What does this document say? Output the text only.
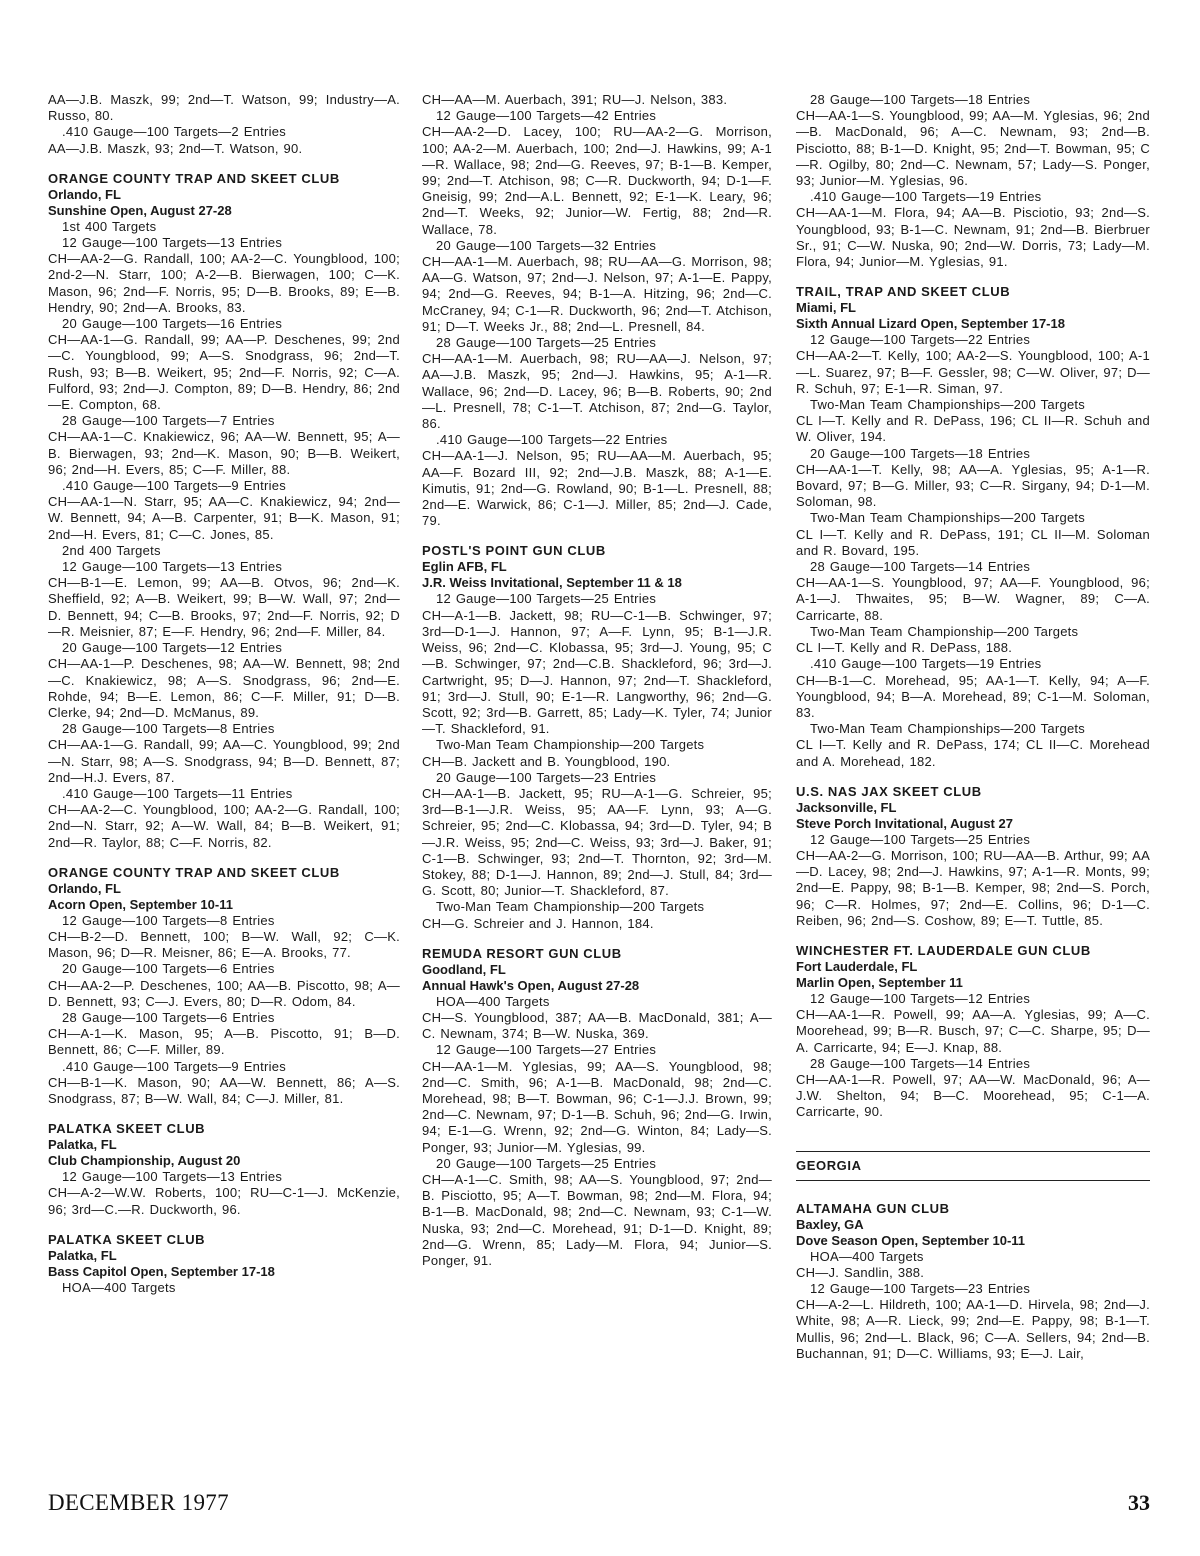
AA—J.B. Maszk, 99; 2nd—T. Watson, 99; Industry—A. Russo, 80.
.410 Gauge—100 Targets—2 Entries
AA—J.B. Maszk, 93; 2nd—T. Watson, 90.
ORANGE COUNTY TRAP AND SKEET CLUB
Orlando, FL
Sunshine Open, August 27-28
1st 400 Targets
12 Gauge—100 Targets—13 Entries
CH—AA-2—G. Randall, 100; AA-2—C. Youngblood, 100; 2nd-2—N. Starr, 100; A-2—B. Bierwagen, 100; C—K. Mason, 96; 2nd—F. Norris, 95; D—B. Brooks, 89; E—B. Hendry, 90; 2nd—A. Brooks, 83.
20 Gauge—100 Targets—16 Entries
CH—AA-1—G. Randall, 99; AA—P. Deschenes, 99; 2nd—C. Youngblood, 99; A—S. Snodgrass, 96; 2nd—T. Rush, 93; B—B. Weikert, 95; 2nd—F. Norris, 92; C—A. Fulford, 93; 2nd—J. Compton, 89; D—B. Hendry, 86; 2nd—E. Compton, 68.
28 Gauge—100 Targets—7 Entries
CH—AA-1—C. Knakiewicz, 96; AA—W. Bennett, 95; A—B. Bierwagen, 93; 2nd—K. Mason, 90; B—B. Weikert, 96; 2nd—H. Evers, 85; C—F. Miller, 88.
.410 Gauge—100 Targets—9 Entries
CH—AA-1—N. Starr, 95; AA—C. Knakiewicz, 94; 2nd—W. Bennett, 94; A—B. Carpenter, 91; B—K. Mason, 91; 2nd—H. Evers, 81; C—C. Jones, 85.
2nd 400 Targets
12 Gauge—100 Targets—13 Entries
CH—B-1—E. Lemon, 99; AA—B. Otvos, 96; 2nd—K. Sheffield, 92; A—B. Weikert, 99; B—W. Wall, 97; 2nd—D. Bennett, 94; C—B. Brooks, 97; 2nd—F. Norris, 92; D—R. Meisnier, 87; E—F. Hendry, 96; 2nd—F. Miller, 84.
20 Gauge—100 Targets—12 Entries
CH—AA-1—P. Deschenes, 98; AA—W. Bennett, 98; 2nd—C. Knakiewicz, 98; A—S. Snodgrass, 96; 2nd—E. Rohde, 94; B—E. Lemon, 86; C—F. Miller, 91; D—B. Clerke, 94; 2nd—D. McManus, 89.
28 Gauge—100 Targets—8 Entries
CH—AA-1—G. Randall, 99; AA—C. Youngblood, 99; 2nd—N. Starr, 98; A—S. Snodgrass, 94; B—D. Bennett, 87; 2nd—H.J. Evers, 87.
.410 Gauge—100 Targets—11 Entries
CH—AA-2—C. Youngblood, 100; AA-2—G. Randall, 100; 2nd—N. Starr, 92; A—W. Wall, 84; B—B. Weikert, 91; 2nd—R. Taylor, 88; C—F. Norris, 82.
ORANGE COUNTY TRAP AND SKEET CLUB
Orlando, FL
Acorn Open, September 10-11
12 Gauge—100 Targets—8 Entries
CH—B-2—D. Bennett, 100; B—W. Wall, 92; C—K. Mason, 96; D—R. Meisner, 86; E—A. Brooks, 77.
20 Gauge—100 Targets—6 Entries
CH—AA-2—P. Deschenes, 100; AA—B. Piscotto, 98; A—D. Bennett, 93; C—J. Evers, 80; D—R. Odom, 84.
28 Gauge—100 Targets—6 Entries
CH—A-1—K. Mason, 95; A—B. Piscotto, 91; B—D. Bennett, 86; C—F. Miller, 89.
.410 Gauge—100 Targets—9 Entries
CH—B-1—K. Mason, 90; AA—W. Bennett, 86; A—S. Snodgrass, 87; B—W. Wall, 84; C—J. Miller, 81.
PALATKA SKEET CLUB
Palatka, FL
Club Championship, August 20
12 Gauge—100 Targets—13 Entries
CH—A-2—W.W. Roberts, 100; RU—C-1—J. McKenzie, 96; 3rd—C.—R. Duckworth, 96.
PALATKA SKEET CLUB
Palatka, FL
Bass Capitol Open, September 17-18
HOA—400 Targets
CH—AA—M. Auerbach, 391; RU—J. Nelson, 383.
12 Gauge—100 Targets—42 Entries
CH—AA-2—D. Lacey, 100; RU—AA-2—G. Morrison, 100; AA-2—M. Auerbach, 100; 2nd—J. Hawkins, 99; A-1—R. Wallace, 98; 2nd—G. Reeves, 97; B-1—B. Kemper, 99; 2nd—T. Atchison, 98; C—R. Duckworth, 94; D-1—F. Gneisig, 99; 2nd—A.L. Bennett, 92; E-1—K. Leary, 96; 2nd—T. Weeks, 92; Junior—W. Fertig, 88; 2nd—R. Wallace, 78.
20 Gauge—100 Targets—32 Entries
CH—AA-1—M. Auerbach, 98; RU—AA—G. Morrison, 98; AA—G. Watson, 97; 2nd—J. Nelson, 97; A-1—E. Pappy, 94; 2nd—G. Reeves, 94; B-1—A. Hitzing, 96; 2nd—C. McCraney, 94; C-1—R. Duckworth, 96; 2nd—T. Atchison, 91; D—T. Weeks Jr., 88; 2nd—L. Presnell, 84.
28 Gauge—100 Targets—25 Entries
CH—AA-1—M. Auerbach, 98; RU—AA—J. Nelson, 97; AA—J.B. Maszk, 95; 2nd—J. Hawkins, 95; A-1—R. Wallace, 96; 2nd—D. Lacey, 96; B—B. Roberts, 90; 2nd—L. Presnell, 78; C-1—T. Atchison, 87; 2nd—G. Taylor, 86.
.410 Gauge—100 Targets—22 Entries
CH—AA-1—J. Nelson, 95; RU—AA—M. Auerbach, 95; AA—F. Bozard III, 92; 2nd—J.B. Maszk, 88; A-1—E. Kimutis, 91; 2nd—G. Rowland, 90; B-1—L. Presnell, 88; 2nd—E. Warwick, 86; C-1—J. Miller, 85; 2nd—J. Cade, 79.
POSTL'S POINT GUN CLUB
Eglin AFB, FL
J.R. Weiss Invitational, September 11 & 18
12 Gauge—100 Targets—25 Entries
CH—A-1—B. Jackett, 98; RU—C-1—B. Schwinger, 97; 3rd—D-1—J. Hannon, 97; A—F. Lynn, 95; B-1—J.R. Weiss, 96; 2nd—C. Klobassa, 95; 3rd—J. Young, 95; C—B. Schwinger, 97; 2nd—C.B. Shackleford, 96; 3rd—J. Cartwright, 95; D—J. Hannon, 97; 2nd—T. Shackleford, 91; 3rd—J. Stull, 90; E-1—R. Langworthy, 96; 2nd—G. Scott, 92; 3rd—B. Garrett, 85; Lady—K. Tyler, 74; Junior—T. Shackleford, 91.
Two-Man Team Championship—200 Targets
CH—B. Jackett and B. Youngblood, 190.
20 Gauge—100 Targets—23 Entries
CH—AA-1—B. Jackett, 95; RU—A-1—G. Schreier, 95; 3rd—B-1—J.R. Weiss, 95; AA—F. Lynn, 93; A—G. Schreier, 95; 2nd—C. Klobassa, 94; 3rd—D. Tyler, 94; B—J.R. Weiss, 95; 2nd—C. Weiss, 93; 3rd—J. Baker, 91; C-1—B. Schwinger, 93; 2nd—T. Thornton, 92; 3rd—M. Stokey, 88; D-1—J. Hannon, 89; 2nd—J. Stull, 84; 3rd—G. Scott, 80; Junior—T. Shackleford, 87.
Two-Man Team Championship—200 Targets
CH—G. Schreier and J. Hannon, 184.
REMUDA RESORT GUN CLUB
Goodland, FL
Annual Hawk's Open, August 27-28
HOA—400 Targets
CH—S. Youngblood, 387; AA—B. MacDonald, 381; A—C. Newnam, 374; B—W. Nuska, 369.
12 Gauge—100 Targets—27 Entries
CH—AA-1—M. Yglesias, 99; AA—S. Youngblood, 98; 2nd—C. Smith, 96; A-1—B. MacDonald, 98; 2nd—C. Morehead, 98; B—T. Bowman, 96; C-1—J.J. Brown, 99; 2nd—C. Newnam, 97; D-1—B. Schuh, 96; 2nd—G. Irwin, 94; E-1—G. Wrenn, 92; 2nd—G. Winton, 84; Lady—S. Ponger, 93; Junior—M. Yglesias, 99.
20 Gauge—100 Targets—25 Entries
CH—A-1—C. Smith, 98; AA—S. Youngblood, 97; 2nd—B. Pisciotto, 95; A—T. Bowman, 98; 2nd—M. Flora, 94; B-1—B. MacDonald, 98; 2nd—C. Newnam, 93; C-1—W. Nuska, 93; 2nd—C. Morehead, 91; D-1—D. Knight, 89; 2nd—G. Wrenn, 85; Lady—M. Flora, 94; Junior—S. Ponger, 91.
28 Gauge—100 Targets—18 Entries
CH—AA-1—S. Youngblood, 99; AA—M. Yglesias, 96; 2nd—B. MacDonald, 96; A—C. Newnam, 93; 2nd—B. Pisciotto, 88; B-1—D. Knight, 95; 2nd—T. Bowman, 95; C—R. Ogilby, 80; 2nd—C. Newnam, 57; Lady—S. Ponger, 93; Junior—M. Yglesias, 96.
.410 Gauge—100 Targets—19 Entries
CH—AA-1—M. Flora, 94; AA—B. Pisciotio, 93; 2nd—S. Youngblood, 93; B-1—C. Newnam, 91; 2nd—B. Bierbruer Sr., 91; C—W. Nuska, 90; 2nd—W. Dorris, 73; Lady—M. Flora, 94; Junior—M. Yglesias, 91.
TRAIL, TRAP AND SKEET CLUB
Miami, FL
Sixth Annual Lizard Open, September 17-18
12 Gauge—100 Targets—22 Entries
CH—AA-2—T. Kelly, 100; AA-2—S. Youngblood, 100; A-1—L. Suarez, 97; B—F. Gessler, 98; C—W. Oliver, 97; D—R. Schuh, 97; E-1—R. Siman, 97.
Two-Man Team Championships—200 Targets
CL I—T. Kelly and R. DePass, 196; CL II—R. Schuh and W. Oliver, 194.
20 Gauge—100 Targets—18 Entries
CH—AA-1—T. Kelly, 98; AA—A. Yglesias, 95; A-1—R. Bovard, 97; B—G. Miller, 93; C—R. Sirgany, 94; D-1—M. Soloman, 98.
Two-Man Team Championships—200 Targets
CL I—T. Kelly and R. DePass, 191; CL II—M. Soloman and R. Bovard, 195.
28 Gauge—100 Targets—14 Entries
CH—AA-1—S. Youngblood, 97; AA—F. Youngblood, 96; A-1—J. Thwaites, 95; B—W. Wagner, 89; C—A. Carricarte, 88.
Two-Man Team Championship—200 Targets
CL I—T. Kelly and R. DePass, 188.
.410 Gauge—100 Targets—19 Entries
CH—B-1—C. Morehead, 95; AA-1—T. Kelly, 94; A—F. Youngblood, 94; B—A. Morehead, 89; C-1—M. Soloman, 83.
Two-Man Team Championships—200 Targets
CL I—T. Kelly and R. DePass, 174; CL II—C. Morehead and A. Morehead, 182.
U.S. NAS JAX SKEET CLUB
Jacksonville, FL
Steve Porch Invitational, August 27
12 Gauge—100 Targets—25 Entries
CH—AA-2—G. Morrison, 100; RU—AA—B. Arthur, 99; AA—D. Lacey, 98; 2nd—J. Hawkins, 97; A-1—R. Monts, 99; 2nd—E. Pappy, 98; B-1—B. Kemper, 98; 2nd—S. Porch, 96; C—R. Holmes, 97; 2nd—E. Collins, 96; D-1—C. Reiben, 96; 2nd—S. Coshow, 89; E—T. Tuttle, 85.
WINCHESTER FT. LAUDERDALE GUN CLUB
Fort Lauderdale, FL
Marlin Open, September 11
12 Gauge—100 Targets—12 Entries
CH—AA-1—R. Powell, 99; AA—A. Yglesias, 99; A—C. Moorehead, 99; B—R. Busch, 97; C—C. Sharpe, 95; D—A. Carricarte, 94; E—J. Knap, 88.
28 Gauge—100 Targets—14 Entries
CH—AA-1—R. Powell, 97; AA—W. MacDonald, 96; A—J.W. Shelton, 94; B—C. Moorehead, 95; C-1—A. Carricarte, 90.
GEORGIA
ALTAMAHA GUN CLUB
Baxley, GA
Dove Season Open, September 10-11
HOA—400 Targets
CH—J. Sandlin, 388.
12 Gauge—100 Targets—23 Entries
CH—A-2—L. Hildreth, 100; AA-1—D. Hirvela, 98; 2nd—J. White, 98; A—R. Lieck, 99; 2nd—E. Pappy, 98; B-1—T. Mullis, 96; 2nd—L. Black, 96; C—A. Sellers, 94; 2nd—B. Buchannan, 91; D—C. Williams, 93; E—J. Lair,
DECEMBER 1977	33
